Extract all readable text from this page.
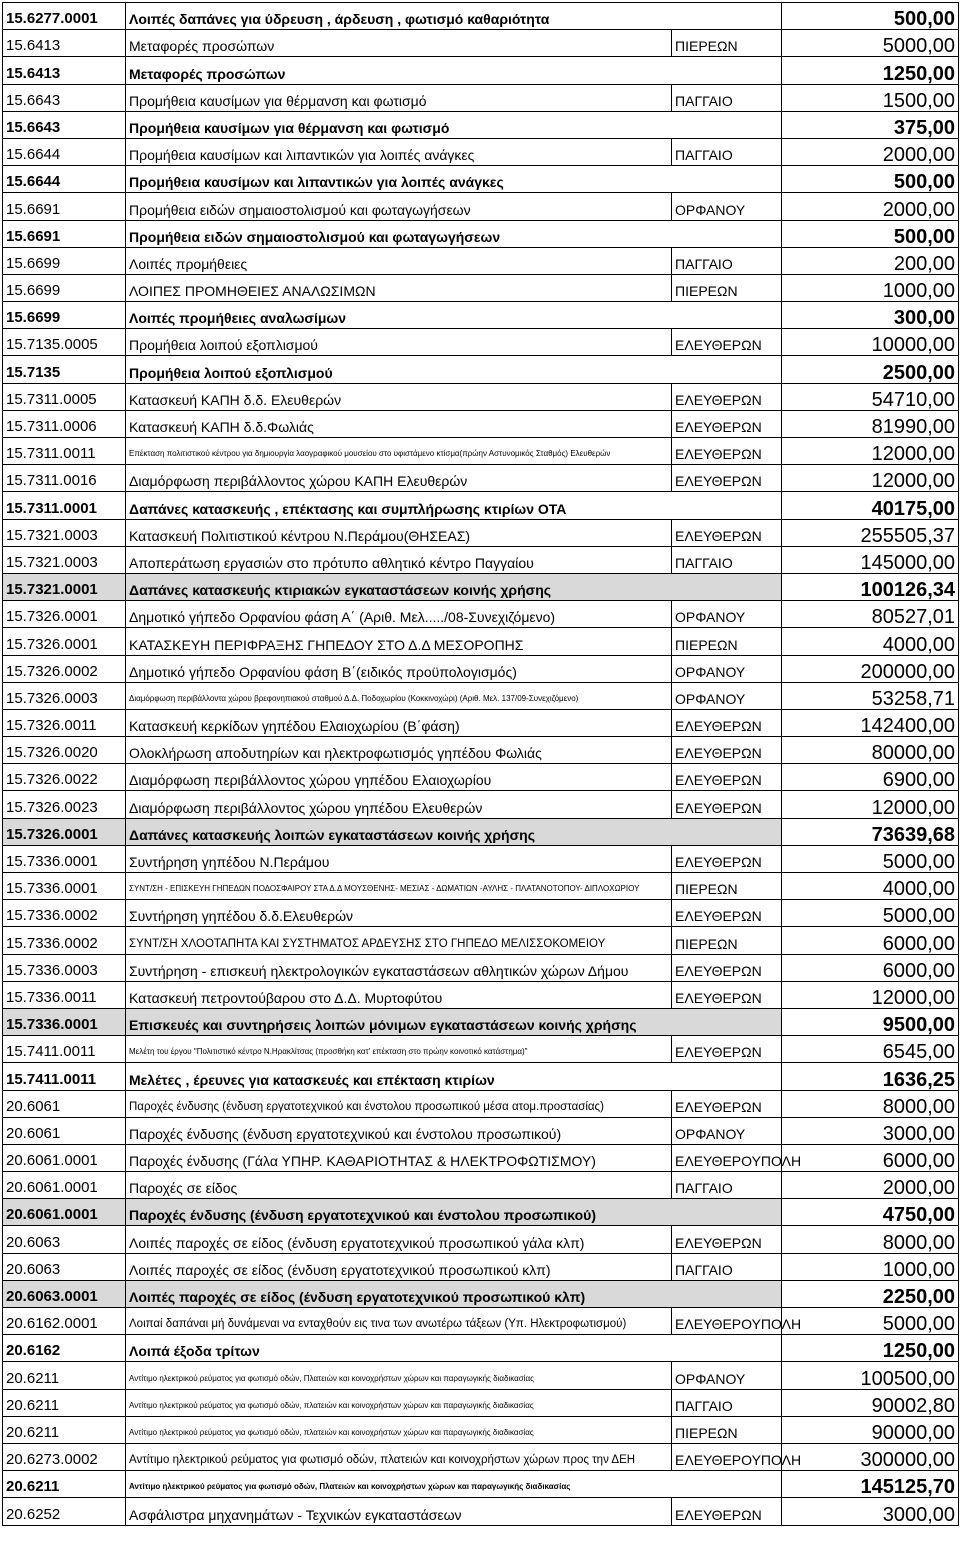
15.6277.0001	Λοιπές δαπάνες για ύδρευση , άρδευση , φωτισμό καθαριότητα		500,00
15.6413	Μεταφορές προσώπων	ΠΙΕΡΕΩΝ	5000,00
15.6413	Μεταφορές προσώπων		1250,00
15.6643	Προμήθεια καυσίμων για θέρμανση και φωτισμό	ΠΑΓΓΑΙΟ	1500,00
15.6643	Προμήθεια καυσίμων για θέρμανση και φωτισμό		375,00
15.6644	Προμήθεια καυσίμων και λιπαντικών για λοιπές ανάγκες	ΠΑΓΓΑΙΟ	2000,00
15.6644	Προμήθεια καυσίμων και λιπαντικών για λοιπές ανάγκες		500,00
15.6691	Προμήθεια ειδών σημαιοστολισμού και φωταγωγήσεων	ΟΡΦΑΝΟΥ	2000,00
15.6691	Προμήθεια ειδών σημαιοστολισμού και φωταγωγήσεων		500,00
15.6699	Λοιπές προμήθειες	ΠΑΓΓΑΙΟ	200,00
15.6699	ΛΟΙΠΕΣ ΠΡΟΜΗΘΕΙΕΣ ΑΝΑΛΩΣΙΜΩΝ	ΠΙΕΡΕΩΝ	1000,00
15.6699	Λοιπές προμήθειες αναλωσίμων		300,00
15.7135.0005	Προμήθεια λοιπού εξοπλισμού	ΕΛΕΥΘΕΡΩΝ	10000,00
15.7135	Προμήθεια λοιπού εξοπλισμού		2500,00
15.7311.0005	Κατασκευή ΚΑΠΗ δ.δ. Ελευθερών	ΕΛΕΥΘΕΡΩΝ	54710,00
15.7311.0006	Κατασκευή ΚΑΠΗ δ.δ.Φωλιάς	ΕΛΕΥΘΕΡΩΝ	81990,00
15.7311.0011	Επέκταση πολιτιστικού κέντρου για δημιουργία λαογραφικού μουσείου στο υφιστάμενο κτίσμα(πρώην Αστυνομικός Σταθμός) Ελευθερών	ΕΛΕΥΘΕΡΩΝ	12000,00
15.7311.0016	Διαμόρφωση περιβάλλοντος χώρου ΚΑΠΗ Ελευθερών	ΕΛΕΥΘΕΡΩΝ	12000,00
15.7311.0001	Δαπάνες κατασκευής , επέκτασης και συμπλήρωσης κτιρίων ΟΤΑ		40175,00
15.7321.0003	Κατασκευή Πολιτιστικού κέντρου Ν.Περάμου(ΘΗΣΕΑΣ)	ΕΛΕΥΘΕΡΩΝ	255505,37
15.7321.0003	Αποπεράτωση εργασιών στο πρότυπο αθλητικό κέντρο Παγγαίου	ΠΑΓΓΑΙΟ	145000,00
15.7321.0001	Δαπάνες κατασκευής κτιριακών εγκαταστάσεων κοινής χρήσης		100126,34
15.7326.0001	Δημοτικό γήπεδο Ορφανίου φάση Α΄ (Αριθ. Μελ...../08-Συνεχιζόμενο)	ΟΡΦΑΝΟΥ	80527,01
15.7326.0001	ΚΑΤΑΣΚΕΥΗ ΠΕΡΙΦΡΑΞΗΣ ΓΗΠΕΔΟΥ ΣΤΟ Δ.Δ ΜΕΣΟΡΟΠΗΣ	ΠΙΕΡΕΩΝ	4000,00
15.7326.0002	Δημοτικό γήπεδο Ορφανίου φάση Β΄(ειδικός προϋπολογισμός)	ΟΡΦΑΝΟΥ	200000,00
15.7326.0003	Διαμόρφωση περιβάλλοντα χώρου βρεφονηπιακού σταθμού Δ.Δ. Ποδοχωρίου (Κοκκινοχώρι) (Αριθ. Μελ. 137/09-Συνεχιζόμενο)	ΟΡΦΑΝΟΥ	53258,71
15.7326.0011	Κατασκευή κερκίδων γηπέδου Ελαιοχωρίου (Β΄φάση)	ΕΛΕΥΘΕΡΩΝ	142400,00
15.7326.0020	Ολοκλήρωση αποδυτηρίων και ηλεκτροφωτισμός γηπέδου Φωλιάς	ΕΛΕΥΘΕΡΩΝ	80000,00
15.7326.0022	Διαμόρφωση περιβάλλοντος χώρου γηπέδου Ελαιοχωρίου	ΕΛΕΥΘΕΡΩΝ	6900,00
15.7326.0023	Διαμόρφωση περιβάλλοντος χώρου γηπέδου Ελευθερών	ΕΛΕΥΘΕΡΩΝ	12000,00
15.7326.0001	Δαπάνες κατασκευής λοιπών εγκαταστάσεων κοινής χρήσης		73639,68
15.7336.0001	Συντήρηση γηπέδου Ν.Περάμου	ΕΛΕΥΘΕΡΩΝ	5000,00
15.7336.0001	ΣΥΝΤ/ΣΗ - ΕΠΙΣΚΕΥΗ ΓΗΠΕΔΩΝ ΠΟΔΟΣΦΑΙΡΟΥ ΣΤΑ Δ.Δ ΜΟΥΣΘΕΝΗΣ- ΜΕΣΙΑΣ - ΔΩΜΑΤΙΩΝ -ΑΥΛΗΣ - ΠΛΑΤΑΝΟΤΟΠΟΥ- ΔΙΠΛΟΧΩΡΙΟΥ	ΠΙΕΡΕΩΝ	4000,00
15.7336.0002	Συντήρηση γηπέδου δ.δ.Ελευθερών	ΕΛΕΥΘΕΡΩΝ	5000,00
15.7336.0002	ΣΥΝΤ/ΣΗ ΧΛΟΟΤΑΠΗΤΑ ΚΑΙ ΣΥΣΤΗΜΑΤΟΣ ΑΡΔΕΥΣΗΣ ΣΤΟ ΓΗΠΕΔΟ ΜΕΛΙΣΣΟΚΟΜΕΙΟΥ	ΠΙΕΡΕΩΝ	6000,00
15.7336.0003	Συντήρηση - επισκευή ηλεκτρολογικών εγκαταστάσεων αθλητικών χώρων Δήμου	ΕΛΕΥΘΕΡΩΝ	6000,00
15.7336.0011	Κατασκευή πετροντούβαρου στο Δ.Δ. Μυρτοφύτου	ΕΛΕΥΘΕΡΩΝ	12000,00
15.7336.0001	Επισκευές και συντηρήσεις λοιπών μόνιμων εγκαταστάσεων κοινής χρήσης		9500,00
15.7411.0011	Μελέτη του έργου "Πολιτιστικό κέντρο Ν.Ηρακλίτσας (προσθήκη κατ' επέκταση στο πρώην κοινοτικό κατάστημα)"	ΕΛΕΥΘΕΡΩΝ	6545,00
15.7411.0011	Μελέτες , έρευνες για κατασκευές και επέκταση κτιρίων		1636,25
20.6061	Παροχές ένδυσης (ένδυση εργατοτεχνικού και ένστολου προσωπικού μέσα ατομ.προστασίας)	ΕΛΕΥΘΕΡΩΝ	8000,00
20.6061	Παροχές ένδυσης (ένδυση εργατοτεχνικού και ένστολου προσωπικού)	ΟΡΦΑΝΟΥ	3000,00
20.6061.0001	Παροχές ένδυσης (Γάλα ΥΠΗΡ. ΚΑΘΑΡΙΟΤΗΤΑΣ & ΗΛΕΚΤΡΟΦΩΤΙΣΜΟΥ)	ΕΛΕΥΘΕΡΟΥΠΟΛΗ	6000,00
20.6061.0001	Παροχές σε είδος	ΠΑΓΓΑΙΟ	2000,00
20.6061.0001	Παροχές ένδυσης (ένδυση εργατοτεχνικού και ένστολου προσωπικού)		4750,00
20.6063	Λοιπές παροχές σε είδος (ένδυση εργατοτεχνικού προσωπικού γάλα κλπ)	ΕΛΕΥΘΕΡΩΝ	8000,00
20.6063	Λοιπές παροχές σε είδος (ένδυση εργατοτεχνικού προσωπικού κλπ)	ΠΑΓΓΑΙΟ	1000,00
20.6063.0001	Λοιπές παροχές σε είδος (ένδυση εργατοτεχνικού προσωπικού κλπ)		2250,00
20.6162.0001	Λοιπαί δαπάναι μή δυνάμεναι να ενταχθούν εις τινα των ανωτέρω τάξεων (Υπ. Ηλεκτροφωτισμού)	ΕΛΕΥΘΕΡΟΥΠΟΛΗ	5000,00
20.6162	Λοιπά έξοδα τρίτων		1250,00
20.6211	Αντίτιμο ηλεκτρικού ρεύματος για φωτισμό οδών, Πλατειών και κοινοχρήστων χώρων και παραγωγικής διαδικασίας	ΟΡΦΑΝΟΥ	100500,00
20.6211	Αντίτιμο ηλεκτρικού ρεύματος για φωτισμό οδών, πλατειών και κοινοχρήστων χώρων και παραγωγικής διαδικασίας	ΠΑΓΓΑΙΟ	90002,80
20.6211	Αντίτιμο ηλεκτρικού ρεύματος για φωτισμό οδών, πλατειών και κοινοχρήστων χώρων και παραγωγικής διαδικασίας	ΠΙΕΡΕΩΝ	90000,00
20.6273.0002	Αντίτιμο ηλεκτρικού ρεύματος για φωτισμό οδών, πλατειών και κοινοχρήστων χώρων προς την ΔΕΗ	ΕΛΕΥΘΕΡΟΥΠΟΛΗ	300000,00
20.6211	Αντίτιμο ηλεκτρικού ρεύματος για φωτισμό οδών, Πλατειών και κοινοχρήστων χώρων και παραγωγικής διαδικασίας		145125,70
20.6252	Ασφάλιστρα μηχανημάτων - Τεχνικών εγκαταστάσεων	ΕΛΕΥΘΕΡΩΝ	3000,00
